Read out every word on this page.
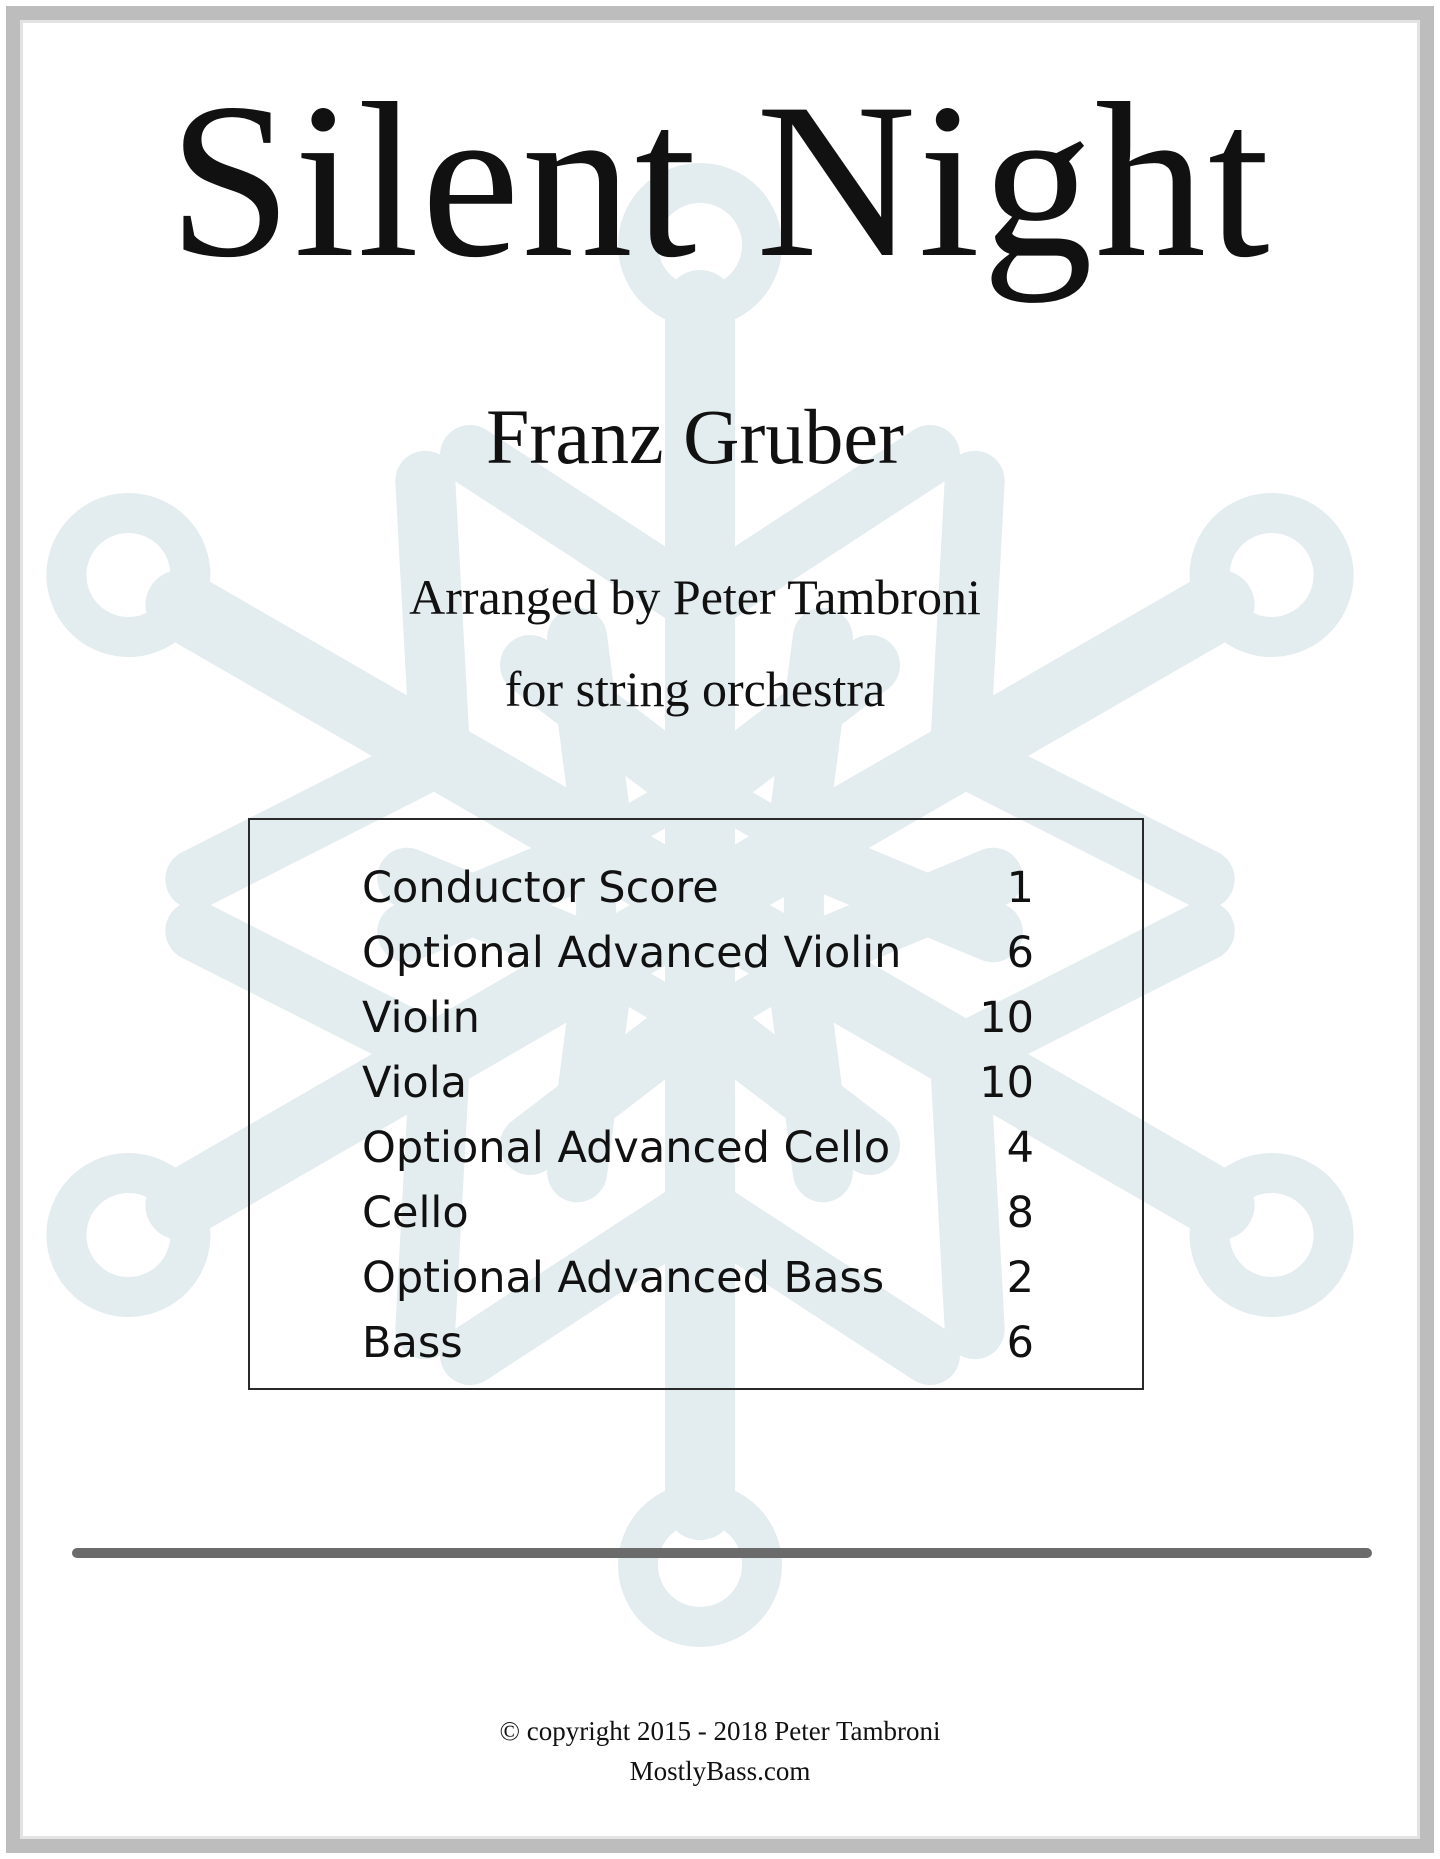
Silent Night
Franz Gruber
Arranged by Peter Tambroni
for string orchestra
Conductor Score	1
Optional Advanced Violin 6
Violin	10
Viola	10
Optional Advanced Cello	4
Cello	8
Optional Advanced Bass	2
Bass	6
© copyright 2015 - 2018 Peter Tambroni
MostlyBass.com
